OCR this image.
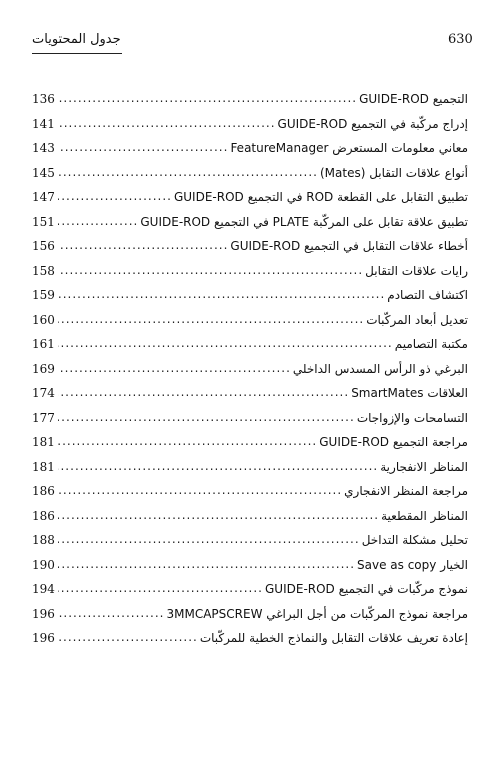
630
جدول المحتويات
التجميع GUIDE-ROD
.....
136
إدراج مركّبة في التجميع GUIDE-ROD
.....
141
معاني معلومات المستعرض FeatureManager
.....
143
أنواع علاقات التقابل (Mates)
.....
145
تطبيق التقابل على القطعة ROD في التجميع GUIDE-ROD
.....
147
تطبيق علاقة تقابل على المركّبة PLATE في التجميع GUIDE-ROD
.....
151
أخطاء علاقات التقابل في التجميع GUIDE-ROD
.....
156
رايات علاقات التقابل
.....
158
اكتشاف التصادم
.....
159
تعديل أبعاد المركّبات
.....
160
مكتبة التصاميم
.....
161
البرغي ذو الرأس المسدس الداخلي
.....
169
العلاقات SmartMates
.....
174
التسامحات والإزواجات
.....
177
مراجعة التجميع GUIDE-ROD
.....
181
المناظر الانفجارية
.....
181
مراجعة المنظر الانفجاري
.....
186
المناظر المقطعية
.....
186
تحليل مشكلة التداخل
.....
188
الخيار Save as copy
.....
190
نموذج مركّبات في التجميع GUIDE-ROD
.....
194
مراجعة نموذج المركّبات من أجل البراغي 3MMCAPSCREW
.....
196
إعادة تعريف علاقات التقابل والنماذج الخطية للمركّبات
.....
196
